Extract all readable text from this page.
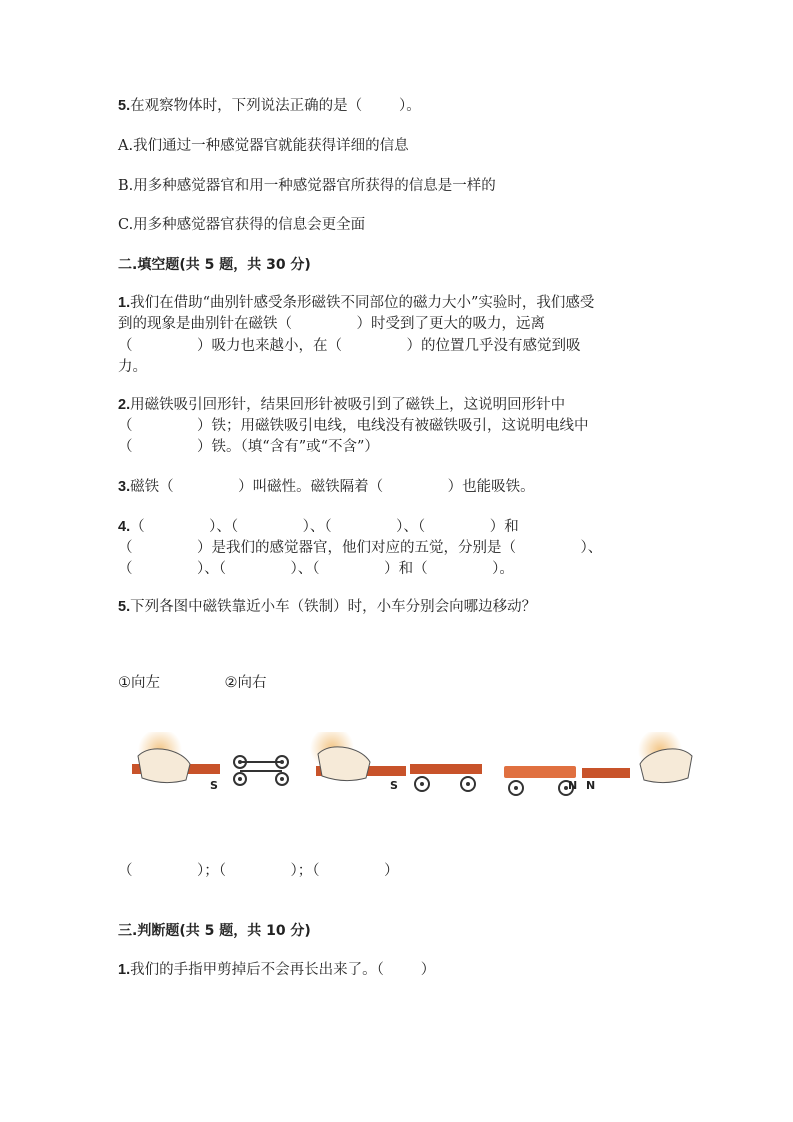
5.在观察物体时，下列说法正确的是（        ）。
A.我们通过一种感觉器官就能获得详细的信息
B.用多种感觉器官和用一种感觉器官所获得的信息是一样的
C.用多种感觉器官获得的信息会更全面
二.填空题(共 5 题，共 30 分)
1.我们在借助“曲别针感受条形磁铁不同部位的磁力大小”实验时，我们感受
到的现象是曲别针在磁铁（              ）时受到了更大的吸力，远离
（              ）吸力也来越小，在（              ）的位置几乎没有感觉到吸
力。
2.用磁铁吸引回形针，结果回形针被吸引到了磁铁上，这说明回形针中
（              ）铁；用磁铁吸引电线，电线没有被磁铁吸引，这说明电线中
（              ）铁。（填“含有”或“不含”）
3.磁铁（              ）叫磁性。磁铁隔着（              ）也能吸铁。
4.（              ）、（              ）、（              ）、（              ）和
（              ）是我们的感觉器官，他们对应的五觉，分别是（              ）、
（              ）、（              ）、（              ）和（              ）。
5.下列各图中磁铁靠近小车（铁制）时，小车分别会向哪边移动？
①向左              ②向右
S	S	N N
（              ）；（              ）；（              ）
三.判断题(共 5 题，共 10 分)
1.我们的手指甲剪掉后不会再长出来了。（        ）
